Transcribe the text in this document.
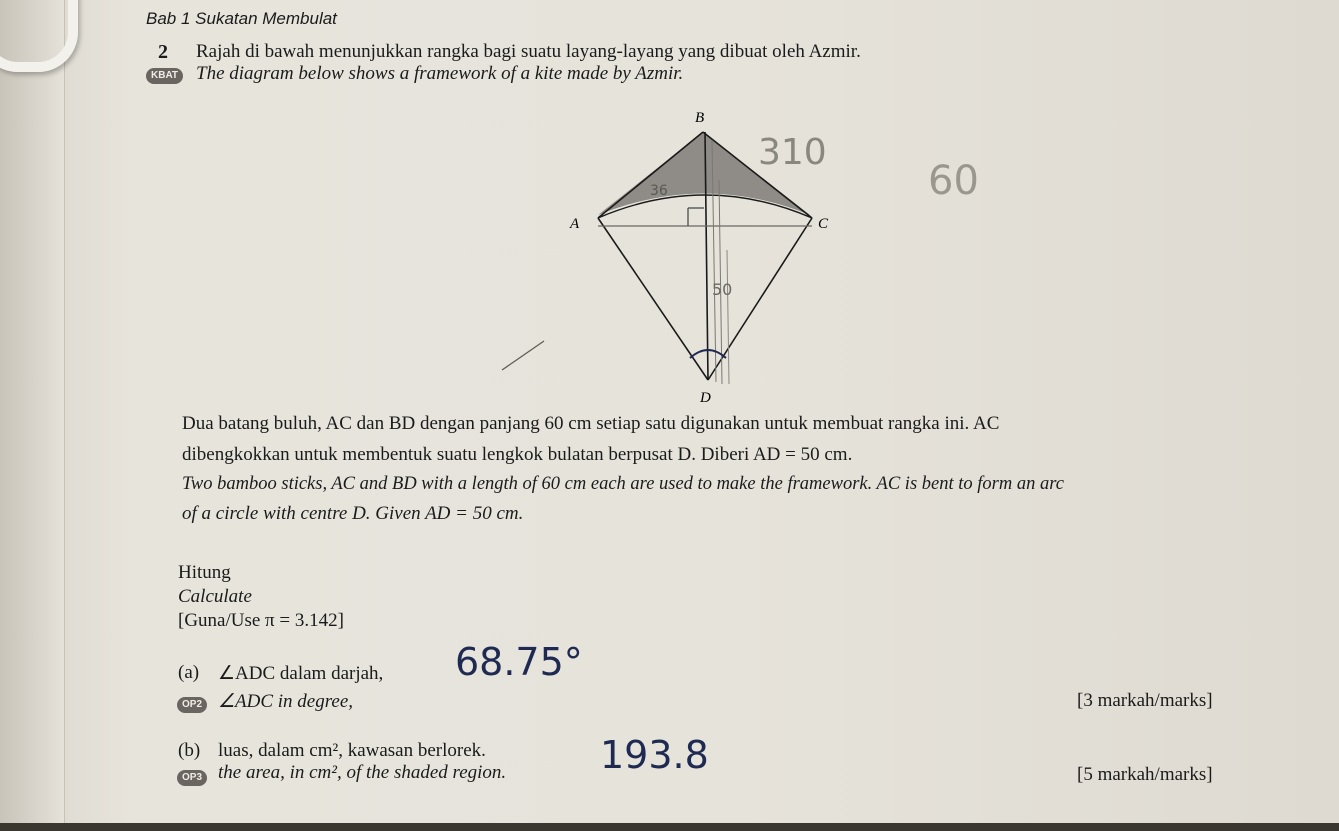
Bab 1 Sukatan Membulat
2 Rajah di bawah menunjukkan rangka bagi suatu layang-layang yang dibuat oleh Azmir.
KBAT The diagram below shows a framework of a kite made by Azmir.
B
A	C
D
36
50
310
60
Dua batang buluh, AC dan BD dengan panjang 60 cm setiap satu digunakan untuk membuat rangka ini. AC
dibengkokkan untuk membentuk suatu lengkok bulatan berpusat D. Diberi AD = 50 cm.
Two bamboo sticks, AC and BD with a length of 60 cm each are used to make the framework. AC is bent to form an arc
of a circle with centre D. Given AD = 50 cm.
Hitung
Calculate
[Guna/Use π = 3.142]
(a) ∠ADC dalam darjah, 68.75°
OP2 ∠ADC in degree,	[3 markah/marks]
(b) luas, dalam cm², kawasan berlorek.	193.8
OP3 the area, in cm², of the shaded region.	[5 markah/marks]
